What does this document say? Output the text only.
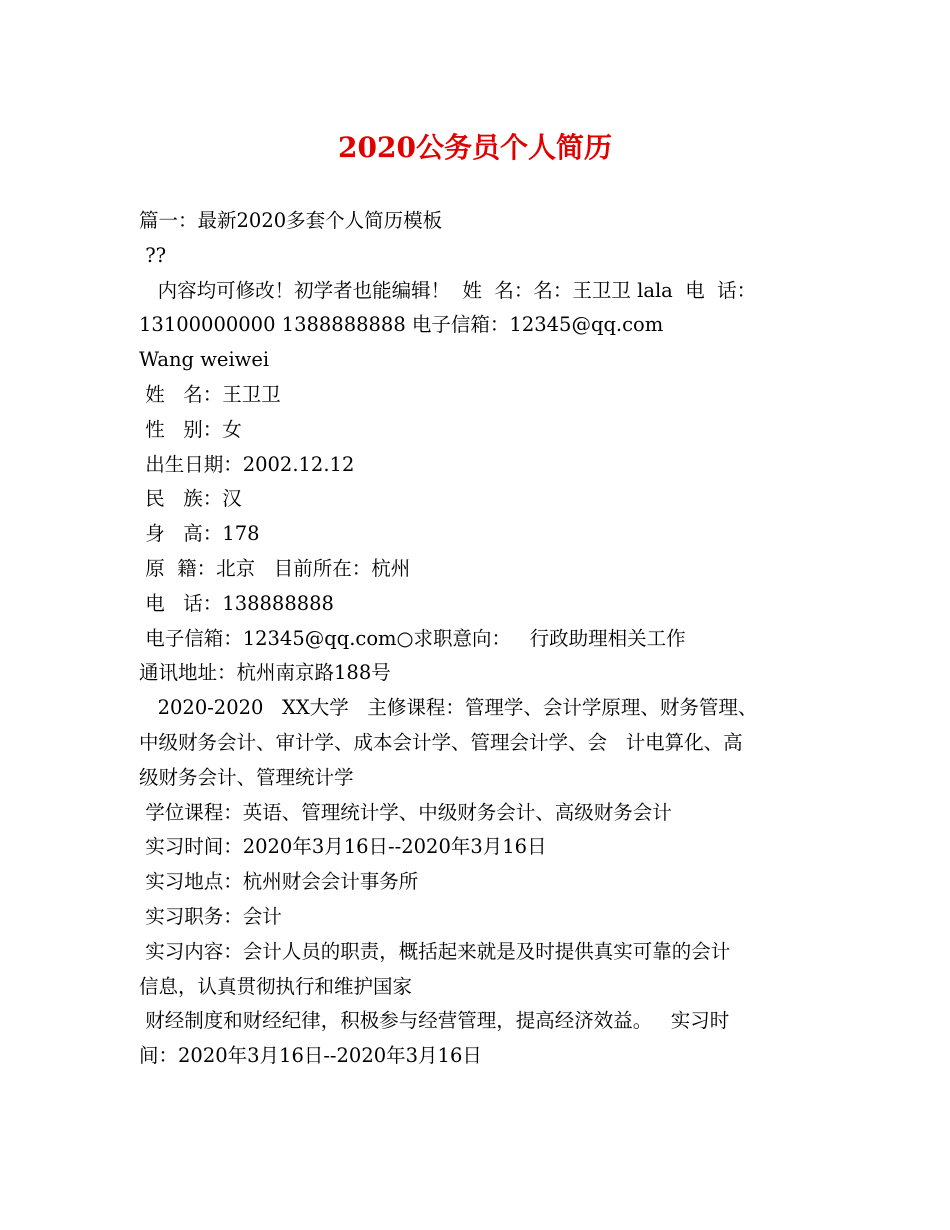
2020公务员个人简历
篇一：最新2020多套个人简历模板
??
内容均可修改！初学者也能编辑！  姓  名：名：王卫卫 lala  电  话：
13100000000 1388888888 电子信箱：12345@qq.com
Wang weiwei
姓   名：王卫卫
性   别：女
出生日期：2002.12.12
民   族：汉
身   高：178
原  籍：北京   目前所在：杭州
电   话：138888888
电子信箱：12345@qq.com○求职意向：   行政助理相关工作
通讯地址：杭州南京路188号
2020-2020   XX大学   主修课程：管理学、会计学原理、财务管理、
中级财务会计、审计学、成本会计学、管理会计学、会   计电算化、高
级财务会计、管理统计学
学位课程：英语、管理统计学、中级财务会计、高级财务会计
实习时间：2020年3月16日--2020年3月16日
实习地点：杭州财会会计事务所
实习职务：会计
实习内容：会计人员的职责，概括起来就是及时提供真实可靠的会计
信息，认真贯彻执行和维护国家
财经制度和财经纪律，积极参与经营管理，提高经济效益。   实习时
间：2020年3月16日--2020年3月16日
